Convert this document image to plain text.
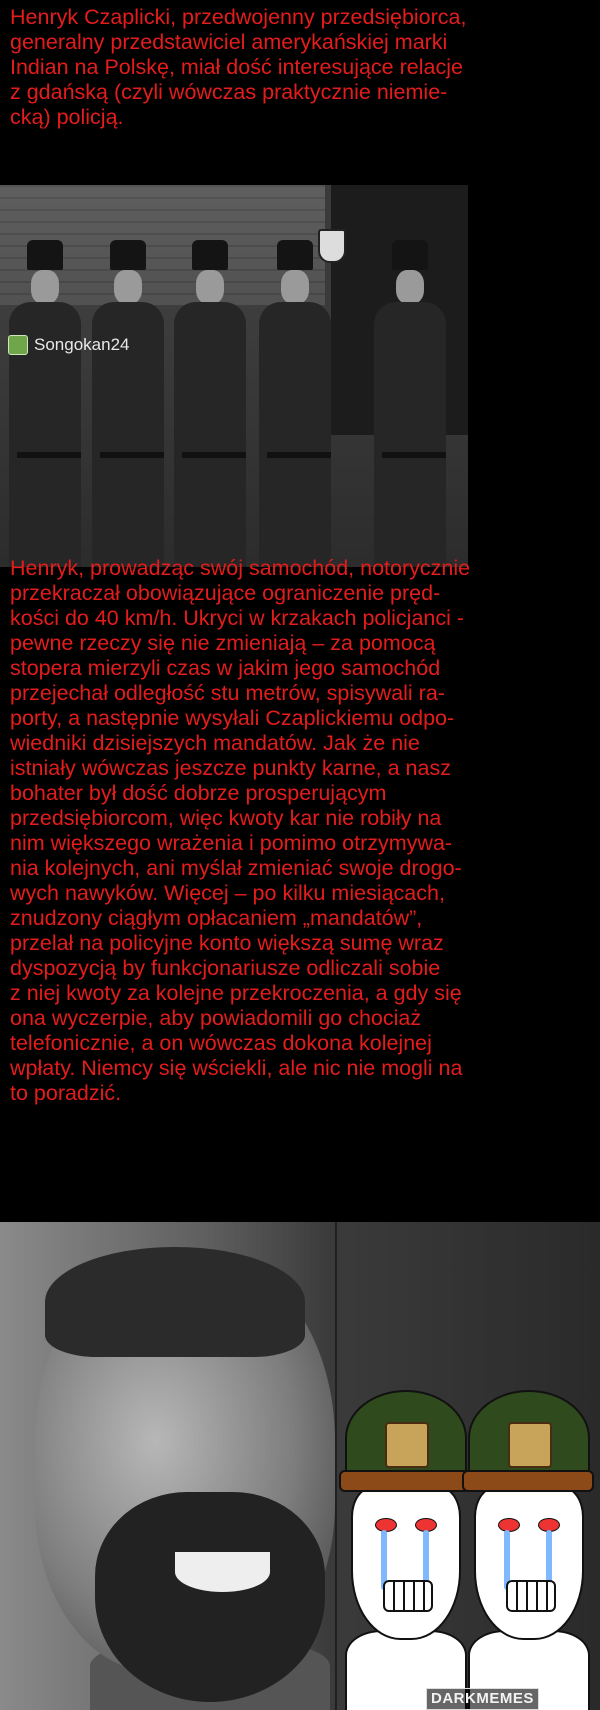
Henryk Czaplicki, przedwojenny przedsiębiorca,
generalny przedstawiciel amerykańskiej marki
Indian na Polskę, miał dość interesujące relacje
z gdańską (czyli wówczas praktycznie niemie-
cką) policją.

Songokan24

Henryk, prowadząc swój samochód, notorycznie
przekraczał obowiązujące ograniczenie pręd-
kości do 40 km/h. Ukryci w krzakach policjanci -
pewne rzeczy się nie zmieniają – za pomocą
stopera mierzyli czas w jakim jego samochód
przejechał odległość stu metrów, spisywali ra-
porty, a następnie wysyłali Czaplickiemu odpo-
wiedniki dzisiejszych mandatów. Jak że nie
istniały wówczas jeszcze punkty karne, a nasz
bohater był dość dobrze prosperującym
przedsiębiorcom, więc kwoty kar nie robiły na
nim większego wrażenia i pomimo otrzymywa-
nia kolejnych, ani myślał zmieniać swoje drogo-
wych nawyków. Więcej – po kilku miesiącach,
znudzony ciągłym opłacaniem „mandatów”,
przelał na policyjne konto większą sumę wraz
dyspozycją by funkcjonariusze odliczali sobie
z niej kwoty za kolejne przekroczenia, a gdy się
ona wyczerpie, aby powiadomili go chociaż
telefonicznie, a on wówczas dokona kolejnej
wpłaty. Niemcy się wściekli, ale nic nie mogli na
to poradzić.

DARKMEMES
